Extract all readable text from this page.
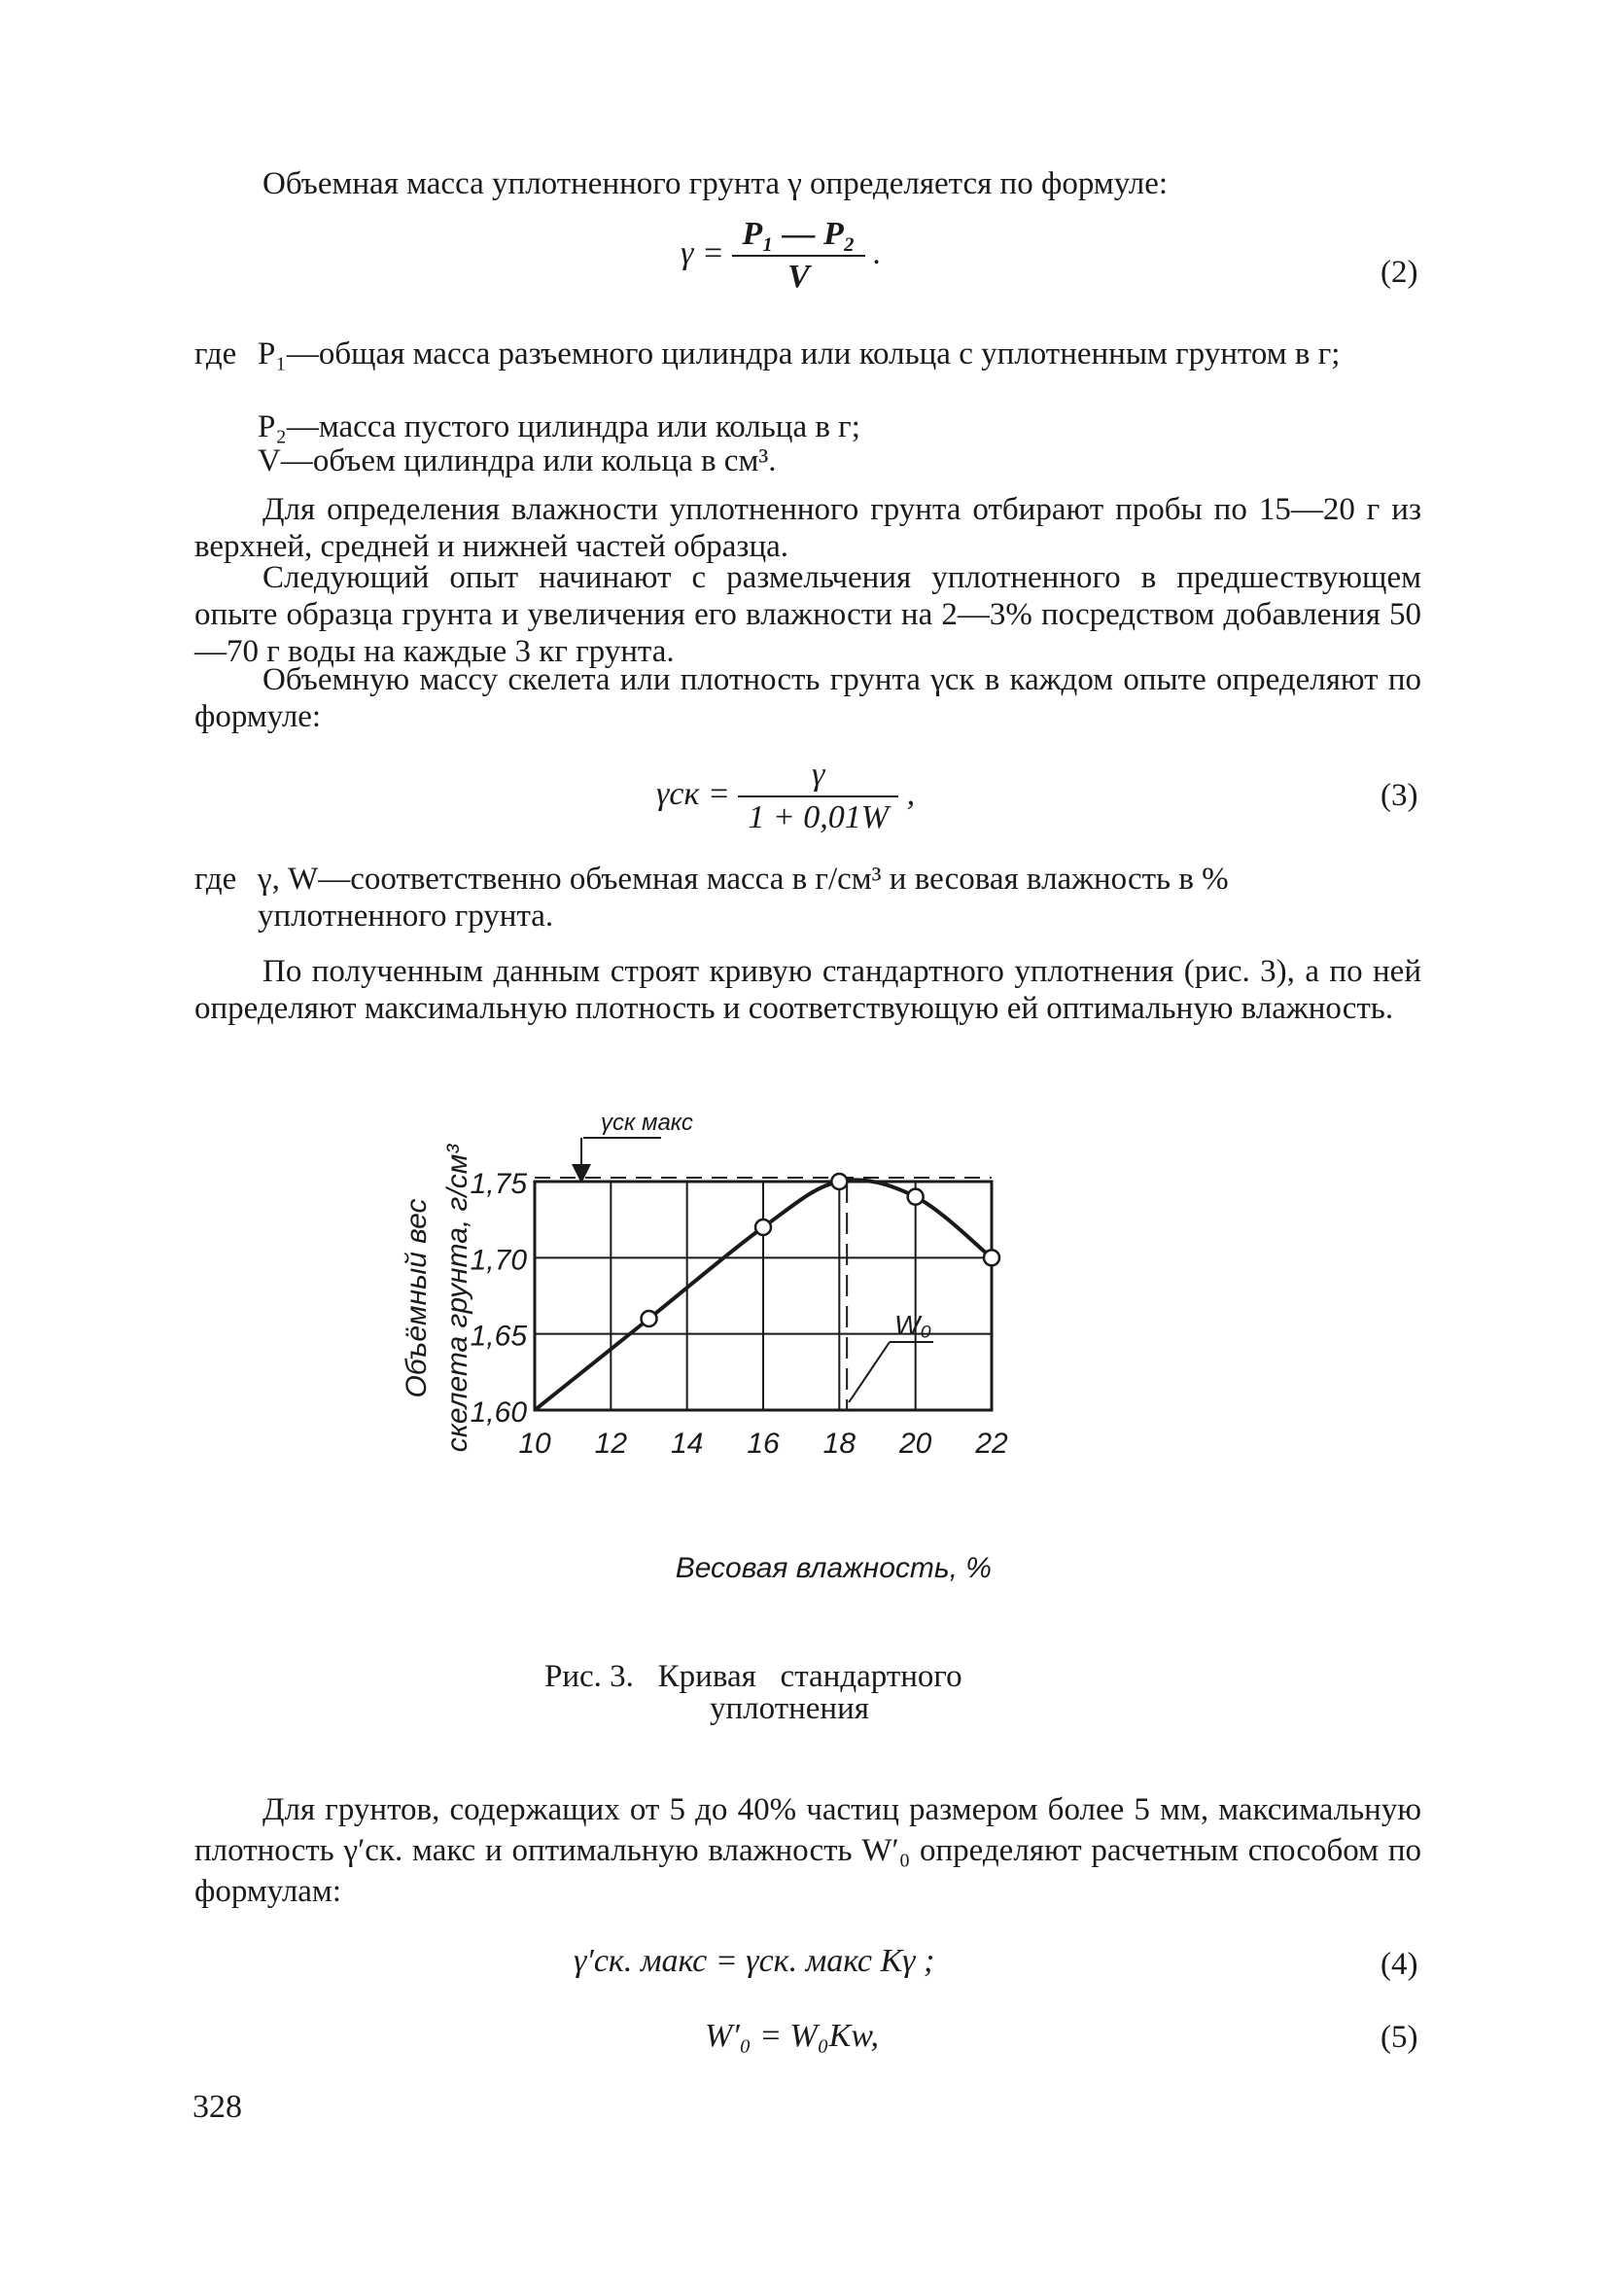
Объемная масса уплотненного грунта γ определяется по формуле:
$\gamma = \frac{\text{P₁ — P₂}}{V}$ .
(2)
где P₁—общая масса разъемного цилиндра или кольца с уплотненным грунтом в г;
P₂—масса пустого цилиндра или кольца в г;
V—объем цилиндра или кольца в см³.
Для определения влажности уплотненного грунта отбирают пробы по 15—20 г из верхней, средней и нижней частей образца.
Следующий опыт начинают с размельчения уплотненного в предшествующем опыте образца грунта и увеличения его влажности на 2—3% посредством добавления 50—70 г воды на каждые 3 кг грунта.
Объемную массу скелета или плотность грунта γск в каждом опыте определяют по формуле:
$\gamma ск = \frac{\gamma}{1 + 0,01W}$ ,	(3)
где γ, W—соответственно объемная масса в г/см³ и весовая влажность в % уплотненного грунта.
По полученным данным строят кривую стандартного уплотнения (рис. 3), а по ней определяют максимальную плотность и соответствующую ей оптимальную влажность.
10 12 14 16 18 20 22
1,60
1,65
1,70
1,75
Объёмный вес скелета грунта, г/см³
Весовая влажность, %
γск макс
W₀
Рис. 3.   Кривая   стандартного
уплотнения
Для грунтов, содержащих от 5 до 40% частиц размером более 5 мм, максимальную плотность γ′ск. макс и оптимальную влажность W′₀ определяют расчетным способом по формулам:
γ′ск. макс = γск. макс Kγ ;	(4)
W′₀ = W₀Kw,	(5)
328
